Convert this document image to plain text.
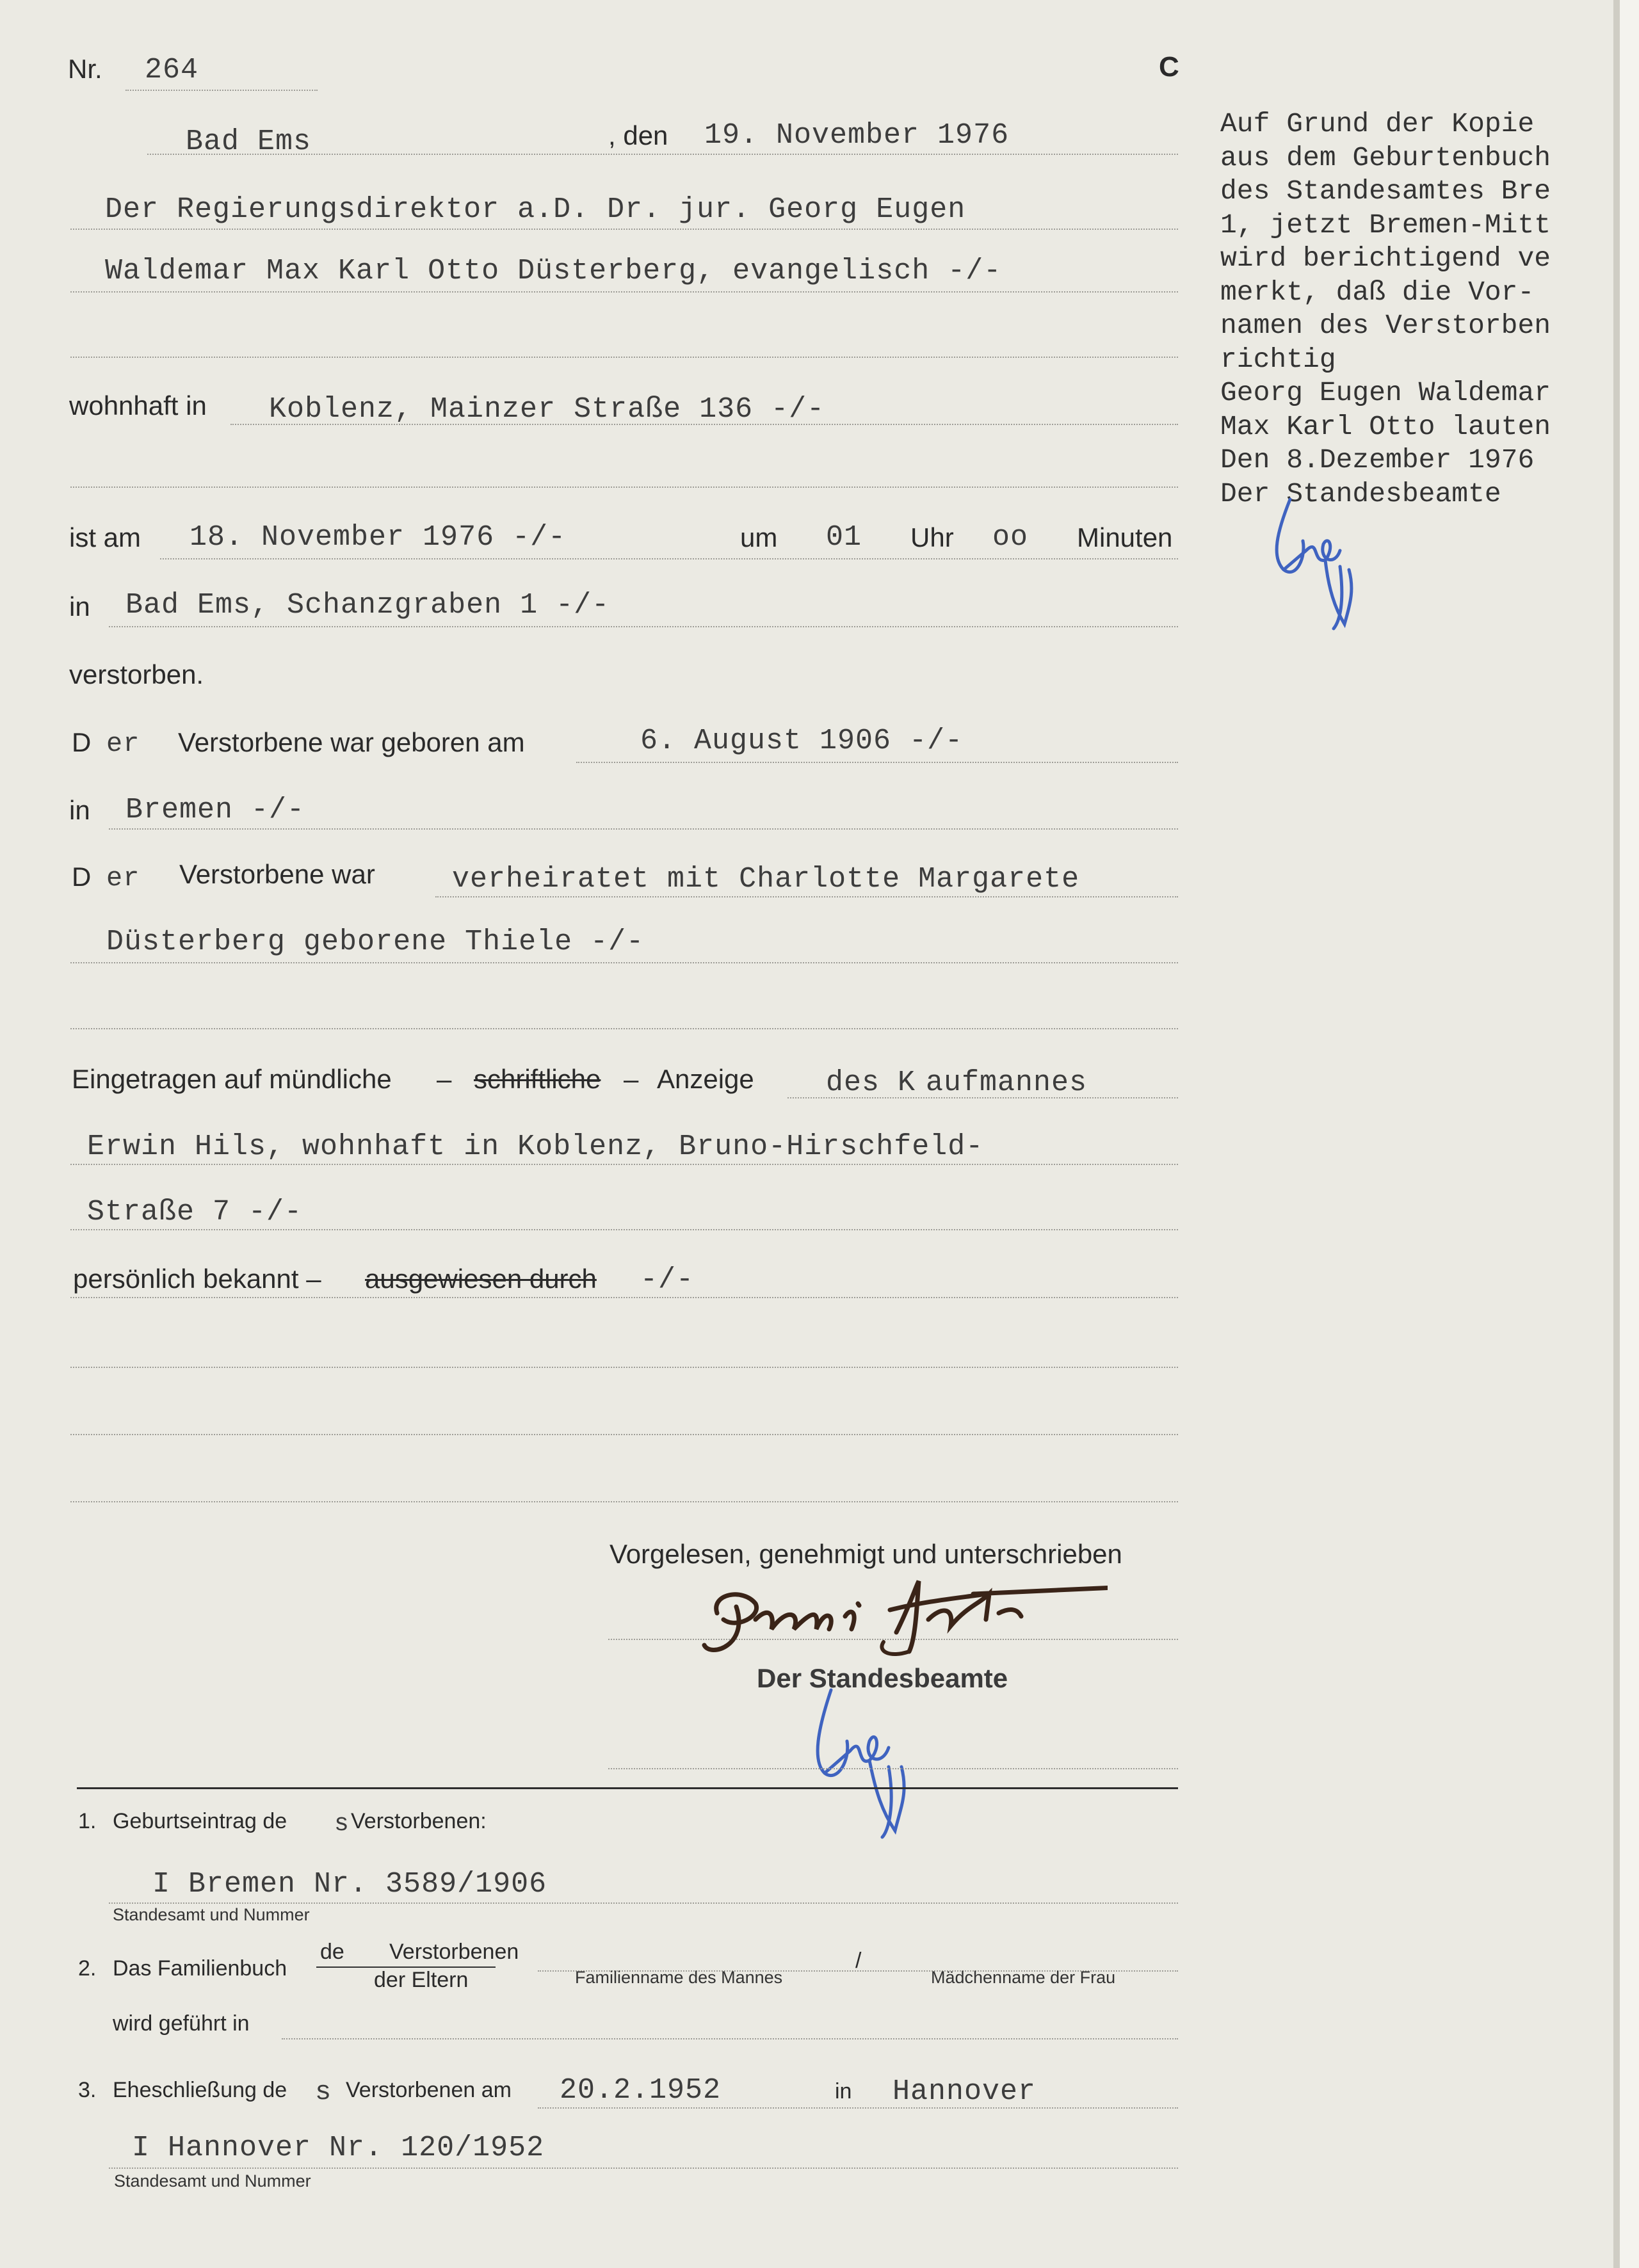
Nr. 264	C
Bad Ems	, den 19. November 1976
Der Regierungsdirektor a.D. Dr. jur. Georg Eugen
Waldemar Max Karl Otto Düsterberg, evangelisch -/-
wohnhaft in Koblenz, Mainzer Straße 136 -/-
ist am 18. November 1976 -/-	um 01 Uhr oo Minuten
in Bad Ems, Schanzgraben 1 -/-
verstorben.
D er Verstorbene war geboren am	6. August 1906 -/-
in Bremen -/-
D er Verstorbene war	verheiratet mit Charlotte Margarete
Düsterberg geborene Thiele -/-
Eingetragen auf mündliche – schriftliche – Anzeige des K aufmannes
Erwin Hils, wohnhaft in Koblenz, Bruno-Hirschfeld-
Straße 7 -/-
persönlich bekannt – ausgewiesen durch -/-
Vorgelesen, genehmigt und unterschrieben
Der Standesbeamte
1. Geburtseintrag de s Verstorbenen:
I Bremen Nr. 3589/1906
Standesamt und Nummer
2. Das Familienbuch
de Verstorbenen
der Eltern	Familienname des Mannes
/
Mädchenname der Frau
wird geführt in
3. Eheschließung de s Verstorbenen am 20.2.1952	in Hannover
I Hannover Nr. 120/1952
Standesamt und Nummer
Auf Grund der Kopie
aus dem Geburtenbuch
des Standesamtes Bre
1, jetzt Bremen-Mitt
wird berichtigend ve
merkt, daß die Vor-
namen des Verstorben
richtig
Georg Eugen Waldemar
Max Karl Otto lauten
Den 8.Dezember 1976
Der Standesbeamte
